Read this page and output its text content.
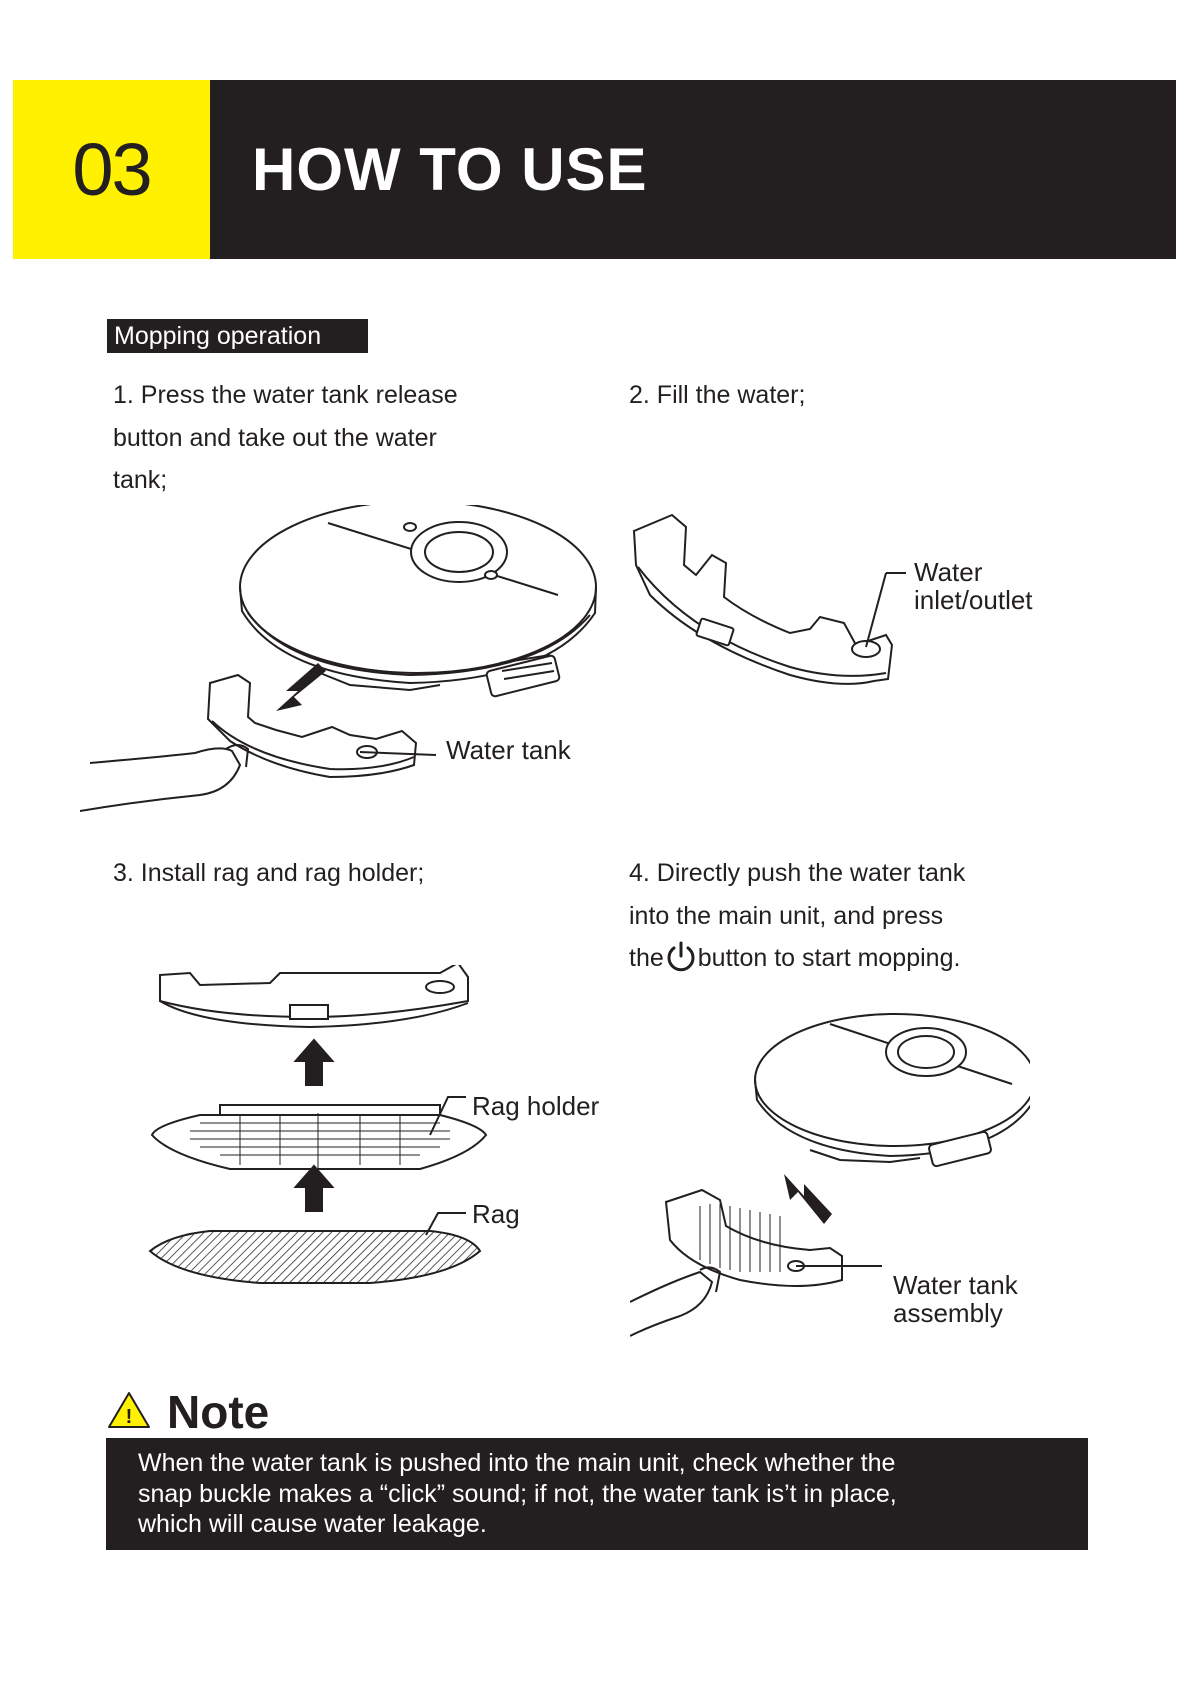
03	HOW TO USE
Mopping operation
1. Press the water tank release
button and take out the water
tank;
2. Fill the water;
3. Install rag and rag holder;	4. Directly push the water tank
into the main unit, and press
the button to start mopping.
Water tank
Water
inlet/outlet
Rag holder
Rag
Water tank
assembly
! Note
When the water tank is pushed into the main unit, check whether the
snap buckle makes a “click” sound; if not, the water tank is’t in place,
which will cause water leakage.
